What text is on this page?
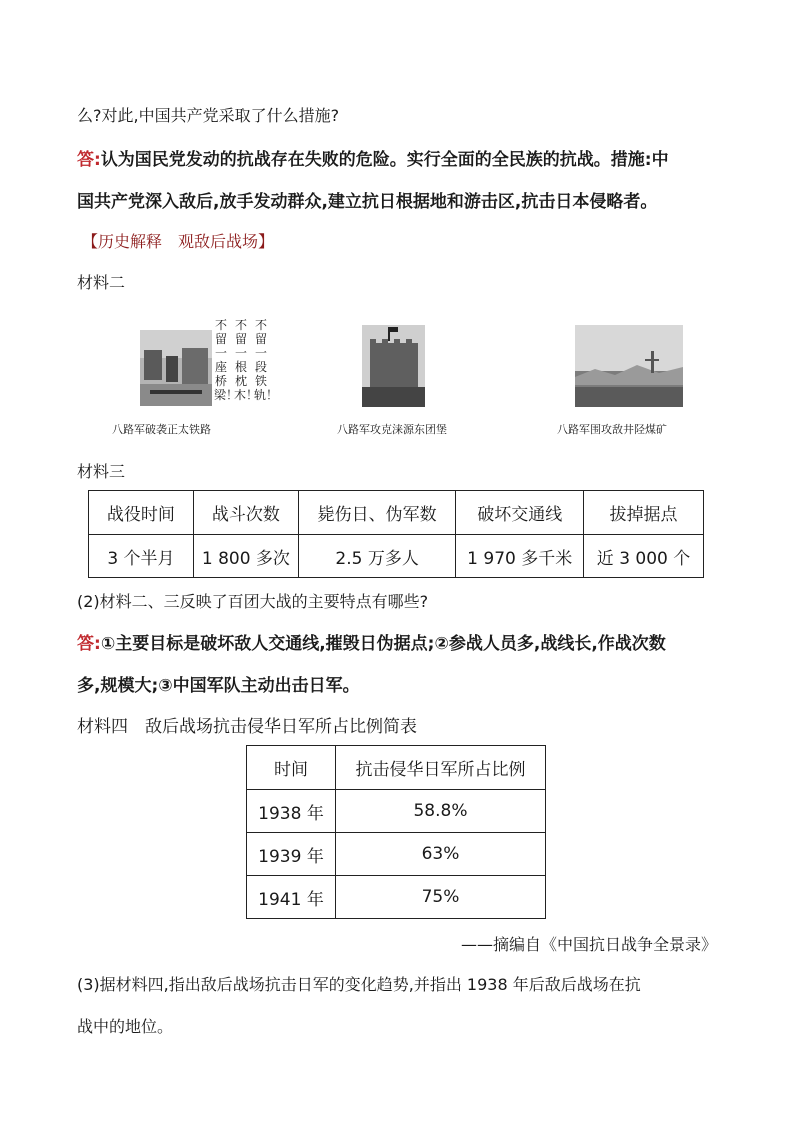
么?对此,中国共产党采取了什么措施?
答:认为国民党发动的抗战存在失败的危险。实行全面的全民族的抗战。措施:中
国共产党深入敌后,放手发动群众,建立抗日根据地和游击区,抗击日本侵略者。
【历史解释　观敌后战场】
材料二
不留一座桥梁！
不留一根枕木！
不留一段铁轨！
八路军破袭正太铁路	八路军攻克涞源东团堡	八路军围攻敌井陉煤矿
材料三
战役时间	战斗次数	毙伤日、伪军数	破坏交通线	拔掉据点
3 个半月	1 800 多次	2.5 万多人	1 970 多千米	近 3 000 个
(2)材料二、三反映了百团大战的主要特点有哪些?
答:①主要目标是破坏敌人交通线,摧毁日伪据点;②参战人员多,战线长,作战次数
多,规模大;③中国军队主动出击日军。
材料四　敌后战场抗击侵华日军所占比例简表
时间	抗击侵华日军所占比例
1938 年	58.8%
1939 年	63%
1941 年	75%
——摘编自《中国抗日战争全景录》
(3)据材料四,指出敌后战场抗击日军的变化趋势,并指出 1938 年后敌后战场在抗
战中的地位。
